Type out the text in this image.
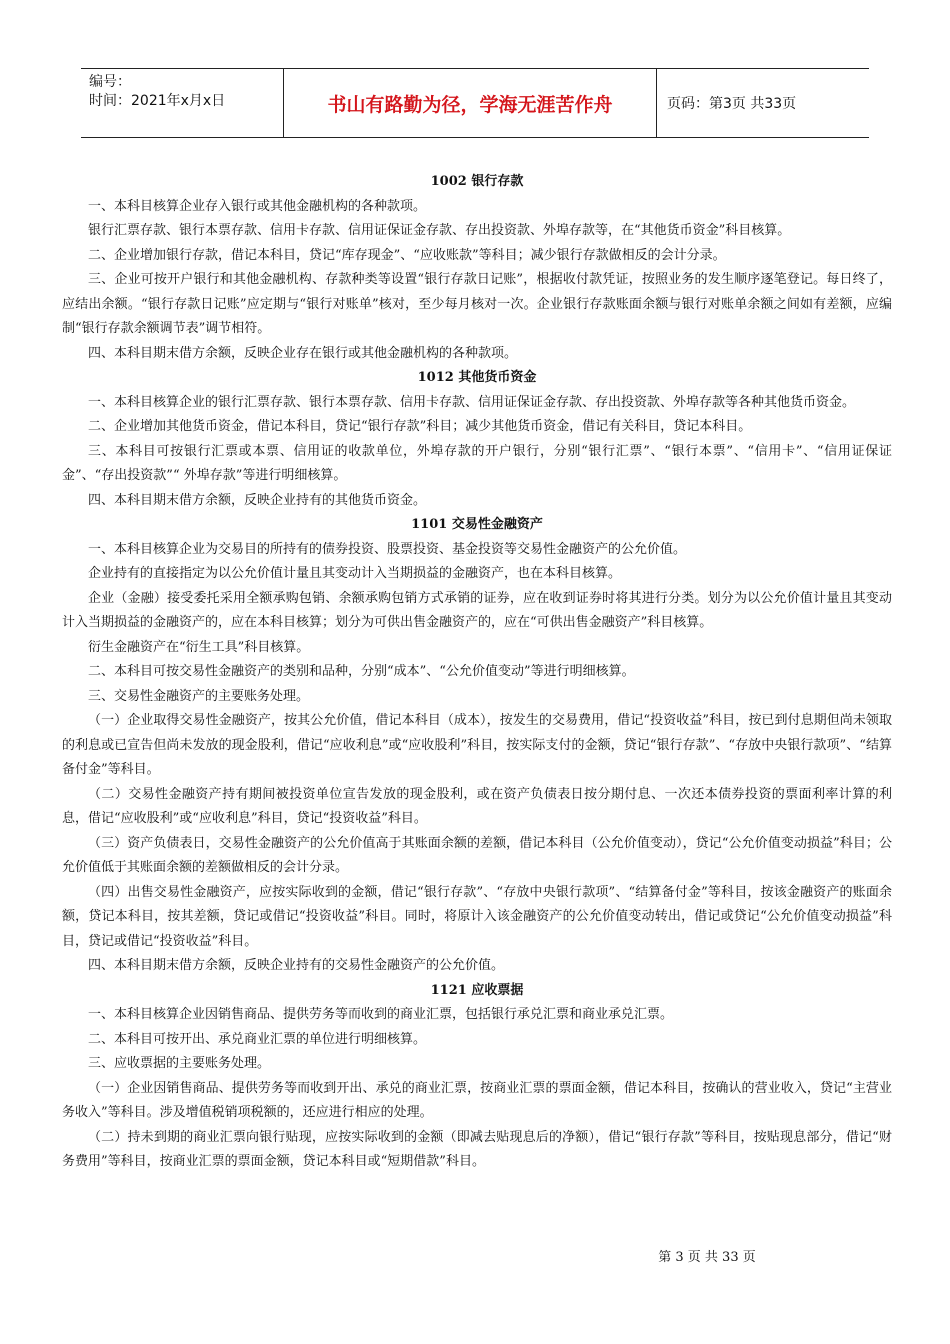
编号：
时间：2021年x月x日	书山有路勤为径，学海无涯苦作舟	页码：第3页 共33页
1002 银行存款

一、本科目核算企业存入银行或其他金融机构的各种款项。

银行汇票存款、银行本票存款、信用卡存款、信用证保证金存款、存出投资款、外埠存款等，在“其他货币资金”科目核算。

二、企业增加银行存款，借记本科目，贷记“库存现金”、“应收账款”等科目；减少银行存款做相反的会计分录。

三、企业可按开户银行和其他金融机构、存款种类等设置“银行存款日记账”，根据收付款凭证，按照业务的发生顺序逐笔登记。每日终了，应结出余额。“银行存款日记账”应定期与“银行对账单”核对，至少每月核对一次。企业银行存款账面余额与银行对账单余额之间如有差额，应编制“银行存款余额调节表”调节相符。

四、本科目期末借方余额，反映企业存在银行或其他金融机构的各种款项。

1012 其他货币资金

一、本科目核算企业的银行汇票存款、银行本票存款、信用卡存款、信用证保证金存款、存出投资款、外埠存款等各种其他货币资金。

二、企业增加其他货币资金，借记本科目，贷记“银行存款”科目；减少其他货币资金，借记有关科目，贷记本科目。

三、本科目可按银行汇票或本票、信用证的收款单位，外埠存款的开户银行，分别“银行汇票”、“银行本票”、“信用卡”、“信用证保证金”、“存出投资款”“ 外埠存款”等进行明细核算。

四、本科目期末借方余额，反映企业持有的其他货币资金。

1101 交易性金融资产

一、本科目核算企业为交易目的所持有的债券投资、股票投资、基金投资等交易性金融资产的公允价值。

企业持有的直接指定为以公允价值计量且其变动计入当期损益的金融资产，也在本科目核算。

企业（金融）接受委托采用全额承购包销、余额承购包销方式承销的证券，应在收到证券时将其进行分类。划分为以公允价值计量且其变动计入当期损益的金融资产的，应在本科目核算；划分为可供出售金融资产的，应在“可供出售金融资产”科目核算。

衍生金融资产在“衍生工具”科目核算。

二、本科目可按交易性金融资产的类别和品种，分别“成本”、“公允价值变动”等进行明细核算。

三、交易性金融资产的主要账务处理。

（一）企业取得交易性金融资产，按其公允价值，借记本科目（成本），按发生的交易费用，借记“投资收益”科目，按已到付息期但尚未领取的利息或已宣告但尚未发放的现金股利，借记“应收利息”或“应收股利”科目，按实际支付的金额，贷记“银行存款”、“存放中央银行款项”、“结算备付金”等科目。

（二）交易性金融资产持有期间被投资单位宣告发放的现金股利，或在资产负债表日按分期付息、一次还本债券投资的票面利率计算的利息，借记“应收股利”或“应收利息”科目，贷记“投资收益”科目。

（三）资产负债表日，交易性金融资产的公允价值高于其账面余额的差额，借记本科目（公允价值变动），贷记“公允价值变动损益”科目；公允价值低于其账面余额的差额做相反的会计分录。

（四）出售交易性金融资产，应按实际收到的金额，借记“银行存款”、“存放中央银行款项”、“结算备付金”等科目，按该金融资产的账面余额，贷记本科目，按其差额，贷记或借记“投资收益”科目。同时，将原计入该金融资产的公允价值变动转出，借记或贷记“公允价值变动损益”科目，贷记或借记“投资收益”科目。

四、本科目期末借方余额，反映企业持有的交易性金融资产的公允价值。

1121 应收票据

一、本科目核算企业因销售商品、提供劳务等而收到的商业汇票，包括银行承兑汇票和商业承兑汇票。

二、本科目可按开出、承兑商业汇票的单位进行明细核算。

三、应收票据的主要账务处理。

（一）企业因销售商品、提供劳务等而收到开出、承兑的商业汇票，按商业汇票的票面金额，借记本科目，按确认的营业收入，贷记“主营业务收入”等科目。涉及增值税销项税额的，还应进行相应的处理。

（二）持未到期的商业汇票向银行贴现，应按实际收到的金额（即减去贴现息后的净额），借记“银行存款”等科目，按贴现息部分，借记“财务费用”等科目，按商业汇票的票面金额，贷记本科目或“短期借款”科目。

第 3 页 共 33 页
